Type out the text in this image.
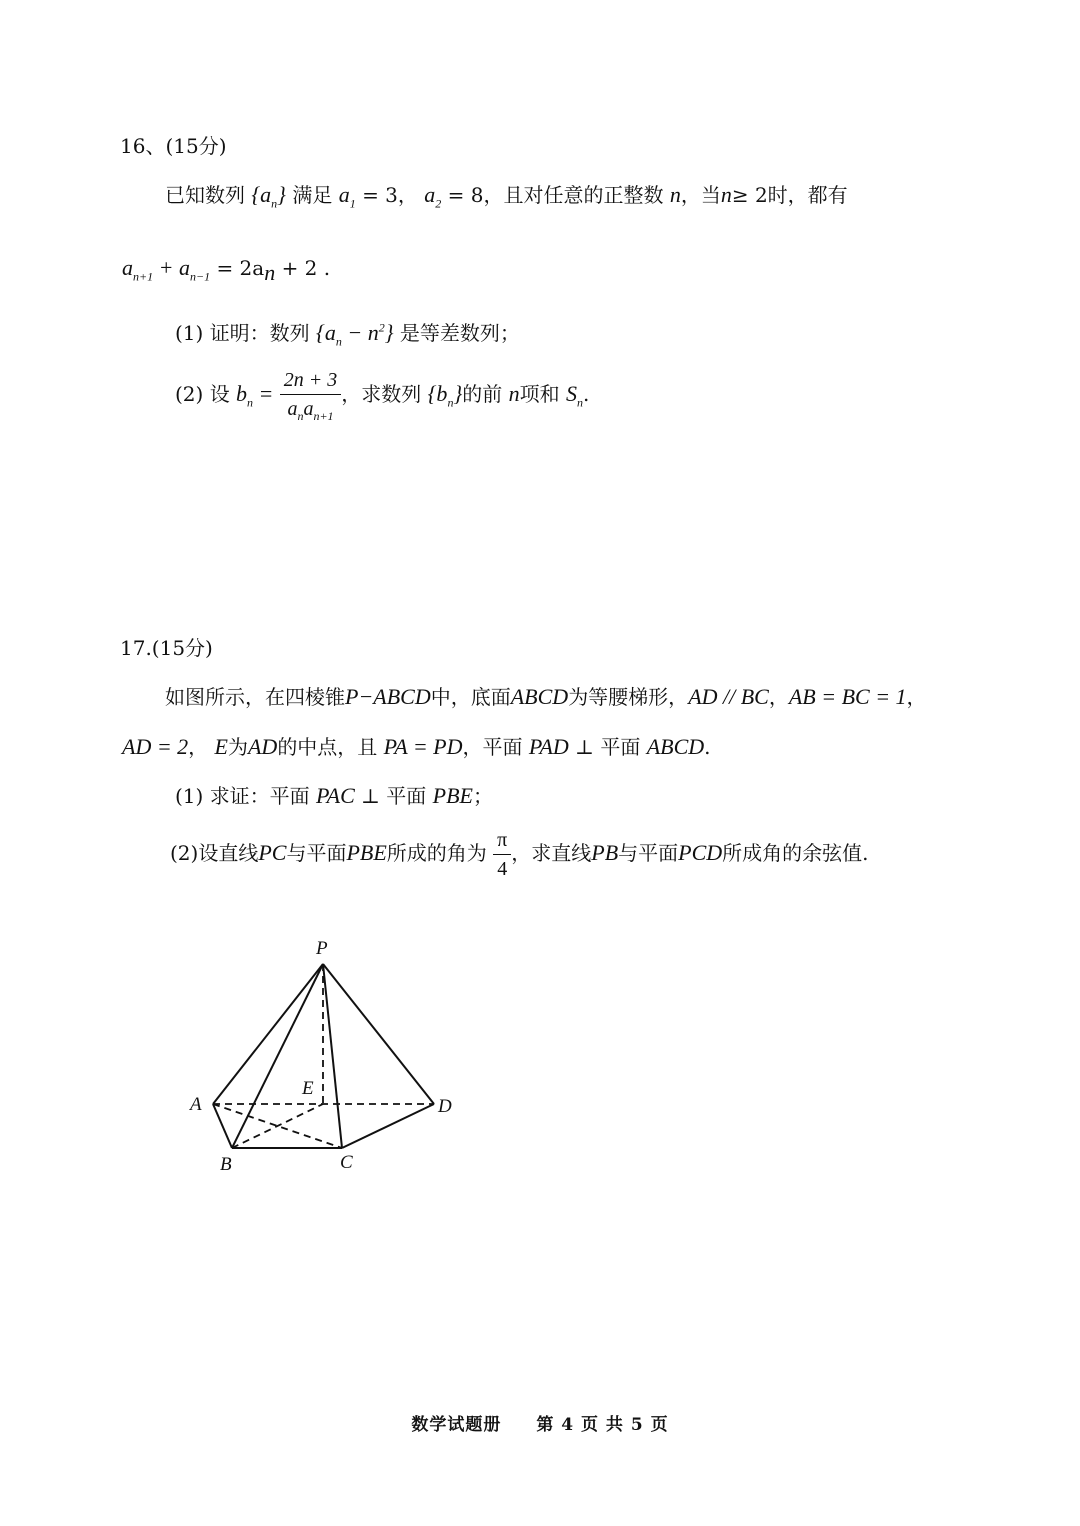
16、(15分)
已知数列 $\{a_n\}$ 满足 $a_1 = 3$， $a_2 = 8$，且对任意的正整数 n，当n≥ 2时，都有
$a_{n+1} + a_{n-1} = 2a_n + 2$ .
(1) 证明：数列 $\{a_n - n^2\}$ 是等差数列；
(2) 设 $b_n = \frac{2n + 3}{a_na_{n+1}}$ ，求数列 $\{b_n\}$的前 n项和 $S_n$.
17.(15分)
如图所示，在四棱锥P−ABCD中，底面ABCD为等腰梯形，AD // BC，AB = BC = 1，
AD = 2， E为AD的中点，且 PA = PD，平面 PAD ⊥ 平面 ABCD.
(1) 求证：平面 PAC ⊥ 平面 PBE；
(2)设直线PC与平面PBE所成的角为 $\frac{\pi}{4}$ ，求直线PB与平面PCD所成角的余弦值.
P
A
B	C
D
E
数学试题册 第 4 页 共 5 页
